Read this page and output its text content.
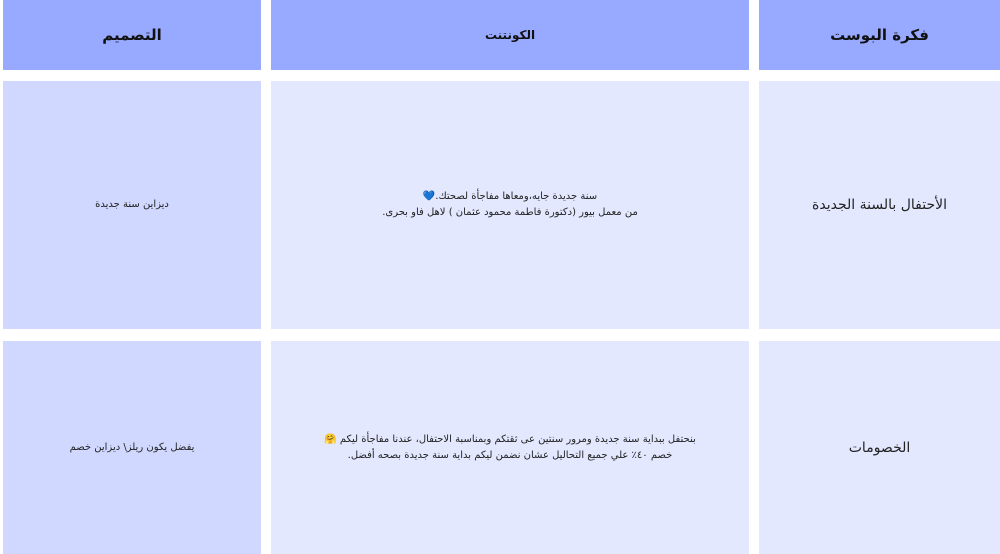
فكرة البوست
الكونتنت
التصميم
الأحتفال بالسنة الجديدة
سنة جديدة جايه،ومعاها مفاجأة لصحتك.💙
من معمل بيور (دكتورة فاطمة محمود عثمان ) لاهل فاو بحرى.
ديزاين سنة جديدة
الخصومات
بنحتفل ببداية سنة جديدة ومرور سنتين عى ثقتكم وبمناسبة الاحتفال، عندنا مفاجأة ليكم 🤗
خصم ٤٠٪ علي جميع التحاليل عشان نضمن ليكم بداية سنة جديدة بصحه أفضل.
يفضل يكون ريلز\ ديزاين خصم
